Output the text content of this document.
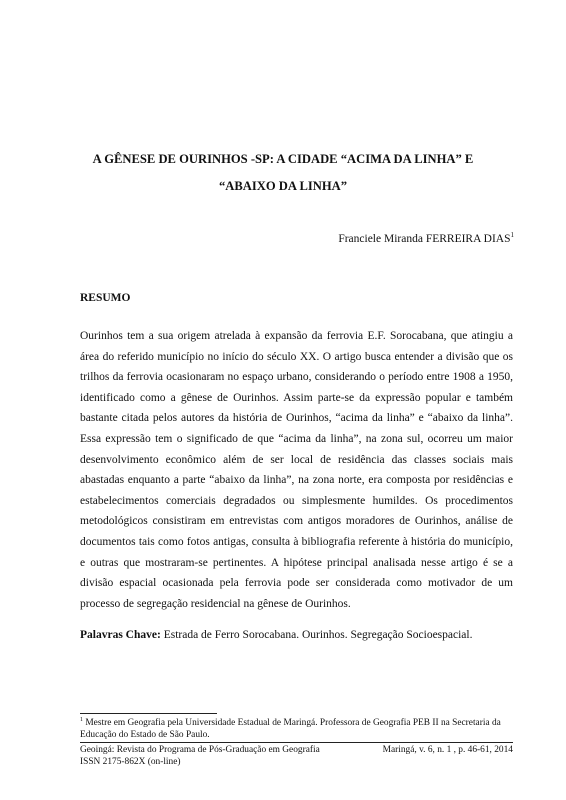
A GÊNESE DE OURINHOS -SP: A CIDADE “ACIMA DA LINHA” E
“ABAIXO DA LINHA”
Franciele Miranda FERREIRA DIAS$^1$
RESUMO

Ourinhos tem a sua origem atrelada à expansão da ferrovia E.F. Sorocabana, que atingiu a área do referido município no início do século XX. O artigo busca entender a divisão que os trilhos da ferrovia ocasionaram no espaço urbano, considerando o período entre 1908 a 1950, identificado como a gênese de Ourinhos. Assim parte-se da expressão popular e também bastante citada pelos autores da história de Ourinhos, “acima da linha” e “abaixo da linha”. Essa expressão tem o significado de que “acima da linha”, na zona sul, ocorreu um maior desenvolvimento econômico além de ser local de residência das classes sociais mais abastadas enquanto a parte “abaixo da linha”, na zona norte, era composta por residências e estabelecimentos comerciais degradados ou simplesmente humildes. Os procedimentos metodológicos consistiram em entrevistas com antigos moradores de Ourinhos, análise de documentos tais como fotos antigas, consulta à bibliografia referente à história do município, e outras que mostraram-se pertinentes. A hipótese principal analisada nesse artigo é se a divisão espacial ocasionada pela ferrovia pode ser considerada como motivador de um processo de segregação residencial na gênese de Ourinhos.

Palavras Chave: Estrada de Ferro Sorocabana. Ourinhos. Segregação Socioespacial.

$^1$ Mestre em Geografia pela Universidade Estadual de Maringá. Professora de Geografia PEB II na Secretaria da Educação do Estado de São Paulo.

Geoingá: Revista do Programa de Pós-Graduação em Geografia	Maringá, v. 6, n. 1 , p. 46-61, 2014
ISSN 2175-862X (on-line)
